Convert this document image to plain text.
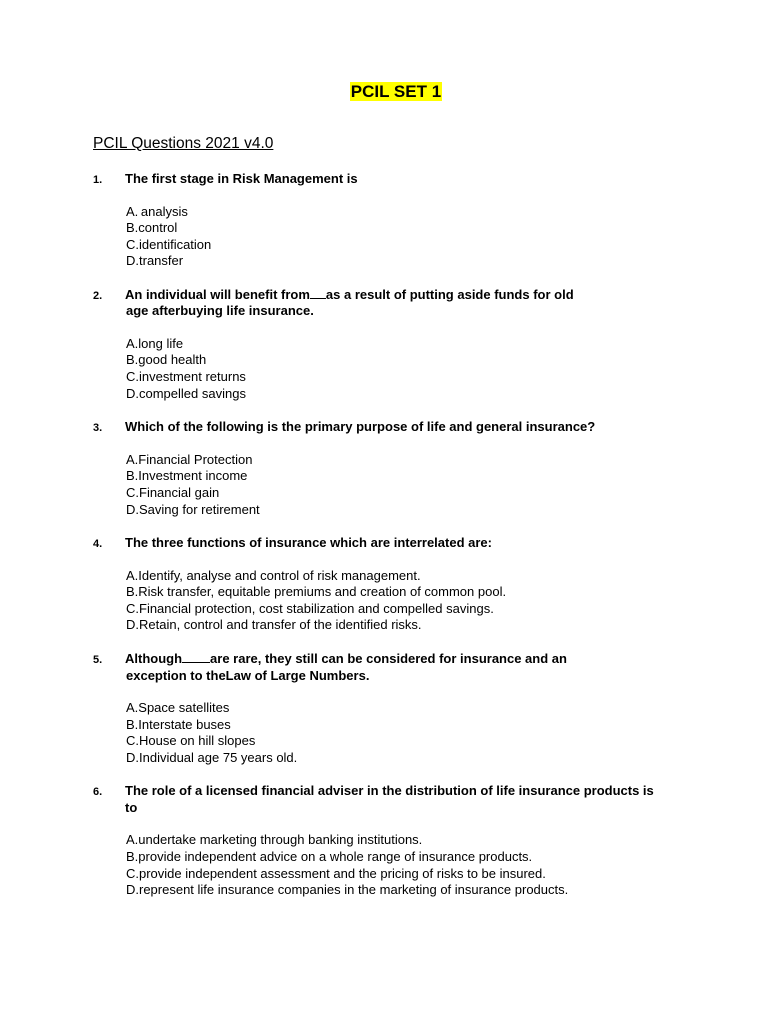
PCIL SET 1
PCIL Questions 2021 v4.0
1. The first stage in Risk Management is
A. analysis
B.control
C.identification
D.transfer
2. An individual will benefit from as a result of putting aside funds for old
age afterbuying life insurance.
A.long life
B.good health
C.investment returns
D.compelled savings
3. Which of the following is the primary purpose of life and general insurance?
A.Financial Protection
B.Investment income
C.Financial gain
D.Saving for retirement
4. The three functions of insurance which are interrelated are:
A.Identify, analyse and control of risk management.
B.Risk transfer, equitable premiums and creation of common pool.
C.Financial protection, cost stabilization and compelled savings.
D.Retain, control and transfer of the identified risks.
5. Although are rare, they still can be considered for insurance and an
exception to theLaw of Large Numbers.
A.Space satellites
B.Interstate buses
C.House on hill slopes
D.Individual age 75 years old.
6. The role of a licensed financial adviser in the distribution of life insurance products is
to
A.undertake marketing through banking institutions.
B.provide independent advice on a whole range of insurance products.
C.provide independent assessment and the pricing of risks to be insured.
D.represent life insurance companies in the marketing of insurance products.
